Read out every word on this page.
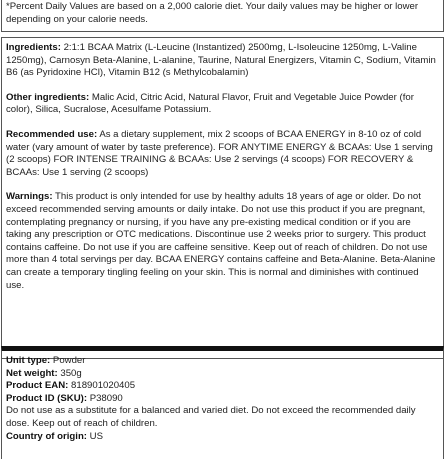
*Percent Daily Values are based on a 2,000 calorie diet. Your daily values may be higher or lower depending on your calorie needs.

Ingredients: 2:1:1 BCAA Matrix (L-Leucine (Instantized) 2500mg, L-Isoleucine 1250mg, L-Valine 1250mg), Carnosyn Beta-Alanine, L-alanine, Taurine, Natural Energizers, Vitamin C, Sodium, Vitamin B6 (as Pyridoxine HCl), Vitamin B12 (s Methylcobalamin)

Other ingredients: Malic Acid, Citric Acid, Natural Flavor, Fruit and Vegetable Juice Powder (for color), Silica, Sucralose, Acesulfame Potassium.

Recommended use: As a dietary supplement, mix 2 scoops of BCAA ENERGY in 8-10 oz of cold water (vary amount of water by taste preference). FOR ANYTIME ENERGY & BCAAs: Use 1 serving (2 scoops) FOR INTENSE TRAINING & BCAAs: Use 2 servings (4 scoops) FOR RECOVERY & BCAAs: Use 1 serving (2 scoops)

Warnings: This product is only intended for use by healthy adults 18 years of age or older. Do not exceed recommended serving amounts or daily intake. Do not use this product if you are pregnant, contemplating pregnancy or nursing, if you have any pre-existing medical condition or if you are taking any prescription or OTC medications. Discontinue use 2 weeks prior to surgery. This product contains caffeine. Do not use if you are caffeine sensitive. Keep out of reach of children. Do not use more than 4 total servings per day. BCAA ENERGY contains caffeine and Beta-Alanine. Beta-Alanine can create a temporary tingling feeling on your skin. This is normal and diminishes with continued use.

Unit type: Powder

Net weight: 350g

Product EAN: 818901020405

Product ID (SKU): P38090

Do not use as a substitute for a balanced and varied diet. Do not exceed the recommended daily dose. Keep out of reach of children.

Country of origin: US
